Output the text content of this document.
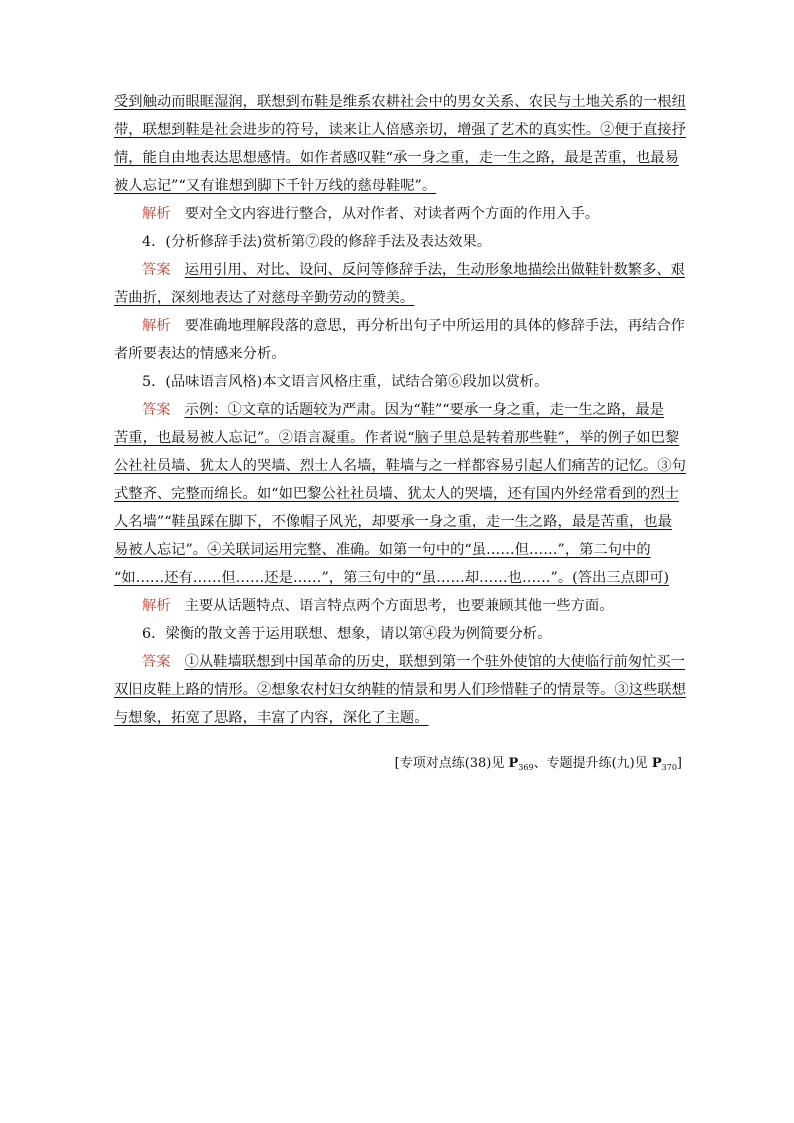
受到触动而眼眶湿润，联想到布鞋是维系农耕社会中的男女关系、农民与土地关系的一根纽
带，联想到鞋是社会进步的符号，读来让人倍感亲切，增强了艺术的真实性。②便于直接抒
情，能自由地表达思想感情。如作者感叹鞋“承一身之重，走一生之路，最是苦重，也最易
被人忘记”“又有谁想到脚下千针万线的慈母鞋呢”。
解析 要对全文内容进行整合，从对作者、对读者两个方面的作用入手。
4．(分析修辞手法)赏析第⑦段的修辞手法及表达效果。
答案 运用引用、对比、设问、反问等修辞手法，生动形象地描绘出做鞋针数繁多、艰
苦曲折，深刻地表达了对慈母辛勤劳动的赞美。
解析 要准确地理解段落的意思，再分析出句子中所运用的具体的修辞手法，再结合作
者所要表达的情感来分析。
5．(品味语言风格)本文语言风格庄重，试结合第⑥段加以赏析。
答案 示例：①文章的话题较为严肃。因为“鞋”“要承一身之重，走一生之路，最是
苦重，也最易被人忘记”。②语言凝重。作者说“脑子里总是转着那些鞋”，举的例子如巴黎
公社社员墙、犹太人的哭墙、烈士人名墙，鞋墙与之一样都容易引起人们痛苦的记忆。③句
式整齐、完整而绵长。如“如巴黎公社社员墙、犹太人的哭墙，还有国内外经常看到的烈士
人名墙”“鞋虽踩在脚下，不像帽子风光，却要承一身之重，走一生之路，最是苦重，也最
易被人忘记”。④关联词运用完整、准确。如第一句中的“虽……但……”，第二句中的
“如……还有……但……还是……”，第三句中的“虽……却……也……”。(答出三点即可)
解析 主要从话题特点、语言特点两个方面思考，也要兼顾其他一些方面。
6．梁衡的散文善于运用联想、想象，请以第④段为例简要分析。
答案 ①从鞋墙联想到中国革命的历史，联想到第一个驻外使馆的大使临行前匆忙买一
双旧皮鞋上路的情形。②想象农村妇女纳鞋的情景和男人们珍惜鞋子的情景等。③这些联想
与想象，拓宽了思路，丰富了内容，深化了主题。
[专项对点练(38)见 $P_{369}$、专题提升练(九)见 $P_{370}$]
